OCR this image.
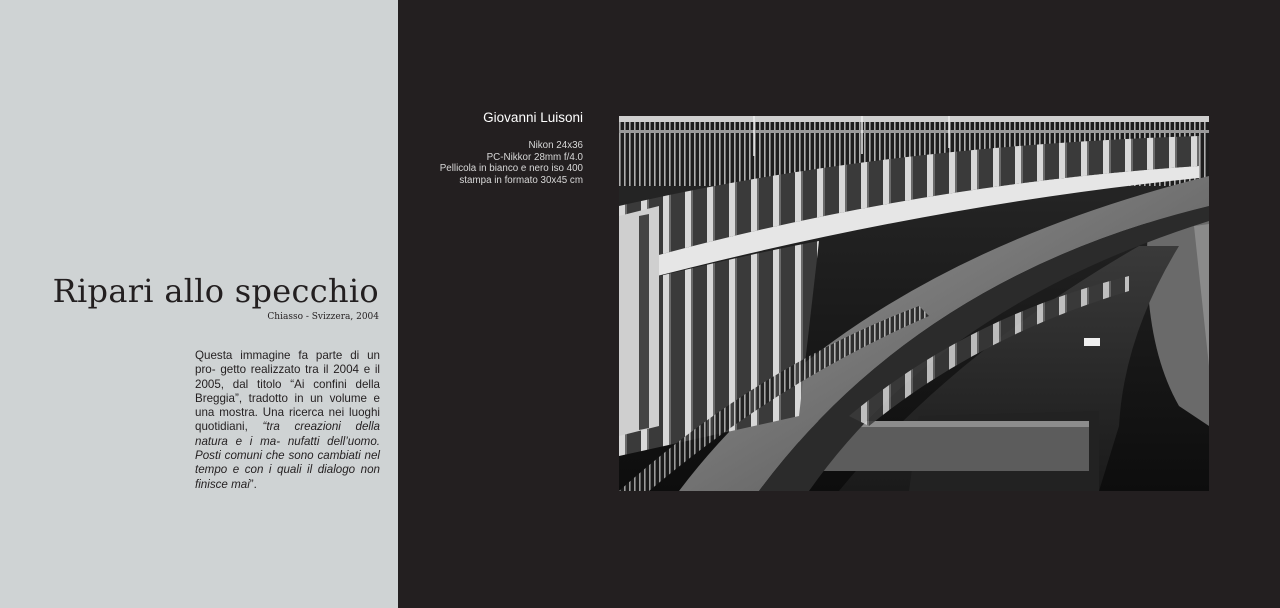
Ripari allo specchio
Chiasso - Svizzera, 2004

Questa immagine fa parte di un pro- getto realizzato tra il 2004 e il 2005, dal titolo “Ai confini della Breggia”, tradotto in un volume e una mostra. Una ricerca nei luoghi quotidiani, “tra creazioni della natura e i ma- nufatti dell’uomo. Posti comuni che sono cambiati nel tempo e con i quali il dialogo non finisce mai”.

Giovanni Luisoni
Nikon 24x36
PC-Nikkor 28mm f/4.0
Pellicola in bianco e nero iso 400
stampa in formato 30x45 cm
